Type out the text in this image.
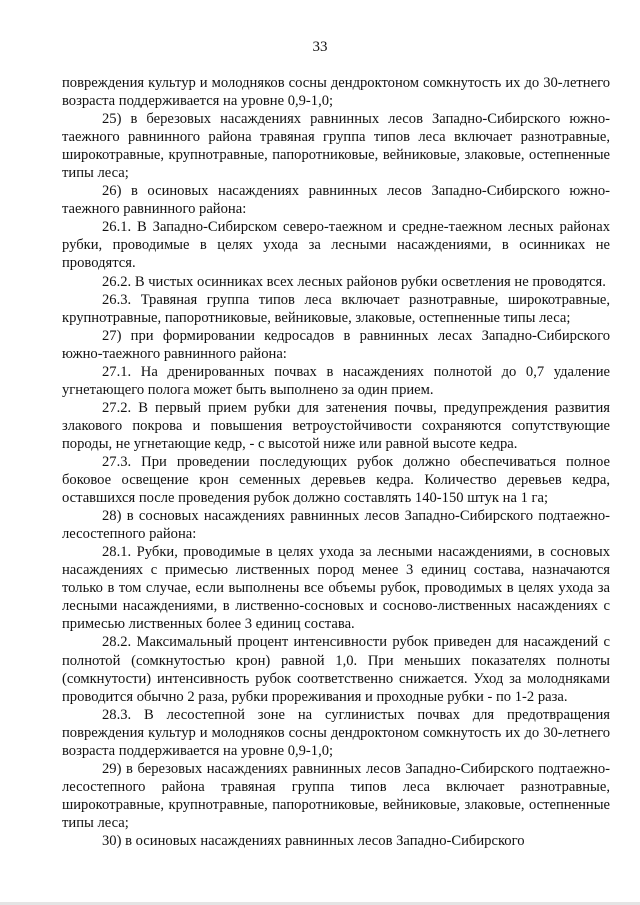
33

повреждения культур и молодняков сосны дендроктоном сомкнутость их до 30-летнего возраста поддерживается на уровне 0,9-1,0;

25) в березовых насаждениях равнинных лесов Западно-Сибирского южно-таежного равнинного района травяная группа типов леса включает разнотравные, широкотравные, крупнотравные, папоротниковые, вейниковые, злаковые, остепненные типы леса;

26) в осиновых насаждениях равнинных лесов Западно-Сибирского южно-таежного равнинного района:

26.1. В Западно-Сибирском северо-таежном и средне-таежном лесных районах рубки, проводимые в целях ухода за лесными насаждениями, в осинниках не проводятся.

26.2. В чистых осинниках всех лесных районов рубки осветления не проводятся.

26.3. Травяная группа типов леса включает разнотравные, широкотравные, крупнотравные, папоротниковые, вейниковые, злаковые, остепненные типы леса;

27) при формировании кедросадов в равнинных лесах Западно-Сибирского южно-таежного равнинного района:

27.1. На дренированных почвах в насаждениях полнотой до 0,7 удаление угнетающего полога может быть выполнено за один прием.

27.2. В первый прием рубки для затенения почвы, предупреждения развития злакового покрова и повышения ветроустойчивости сохраняются сопутствующие породы, не угнетающие кедр, - с высотой ниже или равной высоте кедра.

27.3. При проведении последующих рубок должно обеспечиваться полное боковое освещение крон семенных деревьев кедра. Количество деревьев кедра, оставшихся после проведения рубок должно составлять 140-150 штук на 1 га;

28) в сосновых насаждениях равнинных лесов Западно-Сибирского подтаежно-лесостепного района:

28.1. Рубки, проводимые в целях ухода за лесными насаждениями, в сосновых насаждениях с примесью лиственных пород менее 3 единиц состава, назначаются только в том случае, если выполнены все объемы рубок, проводимых в целях ухода за лесными насаждениями, в лиственно-сосновых и сосново-лиственных насаждениях с примесью лиственных более 3 единиц состава.

28.2. Максимальный процент интенсивности рубок приведен для насаждений с полнотой (сомкнутостью крон) равной 1,0. При меньших показателях полноты (сомкнутости) интенсивность рубок соответственно снижается. Уход за молодняками проводится обычно 2 раза, рубки прореживания и проходные рубки - по 1-2 раза.

28.3. В лесостепной зоне на суглинистых почвах для предотвращения повреждения культур и молодняков сосны дендроктоном сомкнутость их до 30-летнего возраста поддерживается на уровне 0,9-1,0;

29) в березовых насаждениях равнинных лесов Западно-Сибирского подтаежно-лесостепного района травяная группа типов леса включает разнотравные, широкотравные, крупнотравные, папоротниковые, вейниковые, злаковые, остепненные типы леса;

30) в осиновых насаждениях равнинных лесов Западно-Сибирского
